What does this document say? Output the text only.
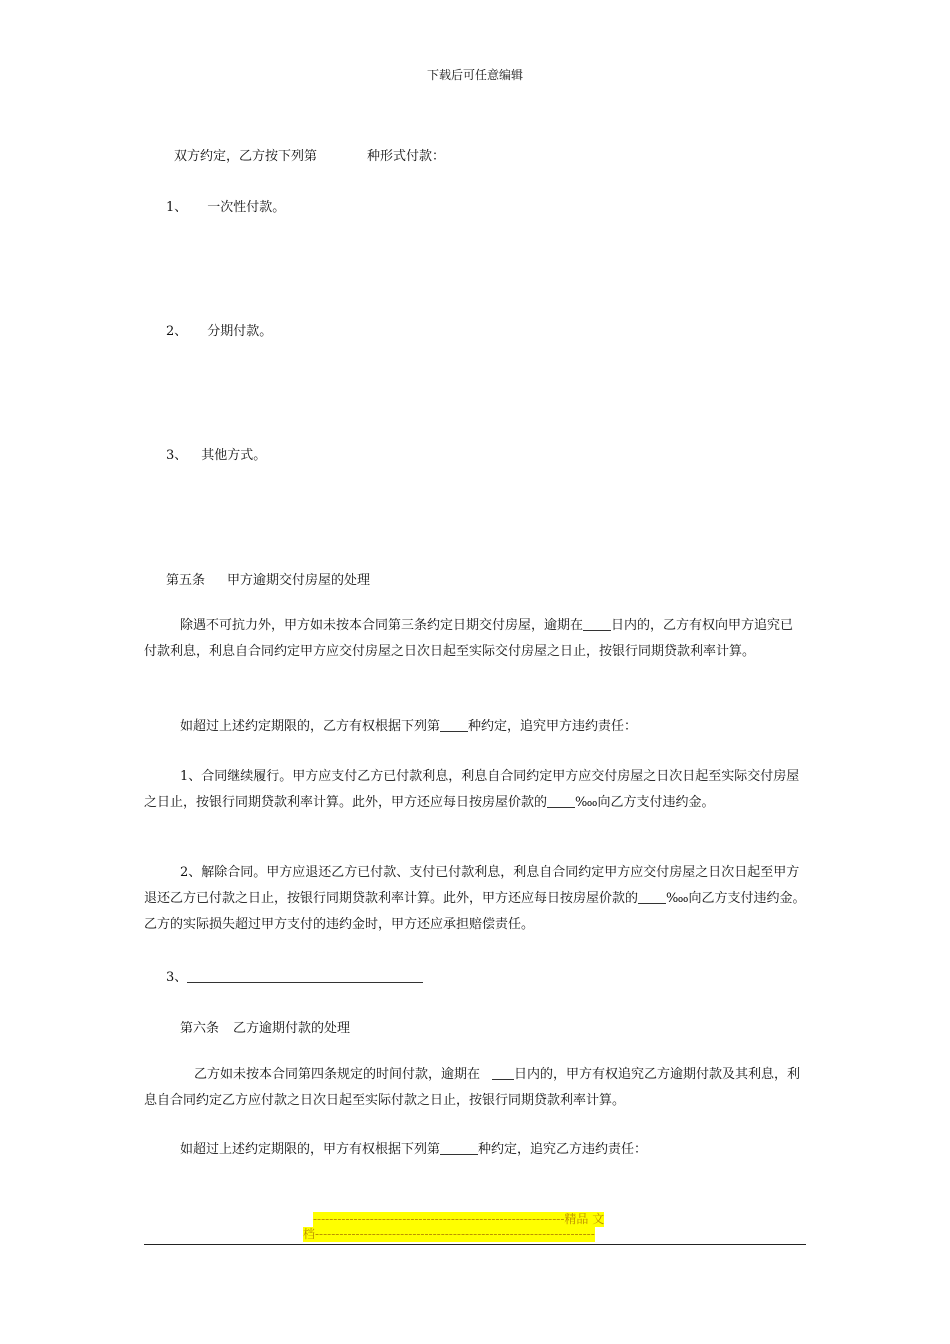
下载后可任意编辑
双方约定，乙方按下列第	种形式付款：
1、 一次性付款。
2、 分期付款。
3、 其他方式。
第五条 甲方逾期交付房屋的处理
除遇不可抗力外，甲方如未按本合同第三条约定日期交付房屋，逾期在 日内的，乙方有权向甲方追究已付款利息，利息自合同约定甲方应交付房屋之日次日起至实际交付房屋之日止，按银行同期贷款利率计算。
如超过上述约定期限的，乙方有权根据下列第 种约定，追究甲方违约责任：
1、合同继续履行。甲方应支付乙方已付款利息，利息自合同约定甲方应交付房屋之日次日起至实际交付房屋之日止，按银行同期贷款利率计算。此外，甲方还应每日按房屋价款的 ‱向乙方支付违约金。
2、解除合同。甲方应退还乙方已付款、支付已付款利息，利息自合同约定甲方应交付房屋之日次日起至甲方退还乙方已付款之日止，按银行同期贷款利率计算。此外，甲方还应每日按房屋价款的 ‱向乙方支付违约金。乙方的实际损失超过甲方支付的违约金时，甲方还应承担赔偿责任。
3、
第六条 乙方逾期付款的处理
乙方如未按本合同第四条规定的时间付款，逾期在	日内的，甲方有权追究乙方逾期付款及其利息，利息自合同约定乙方应付款之日次日起至实际付款之日止，按银行同期贷款利率计算。
如超过上述约定期限的，甲方有权根据下列第	种约定，追究乙方违约责任：
--------------------------------------------------------------精品 文
档---------------------------------------------------------------------
